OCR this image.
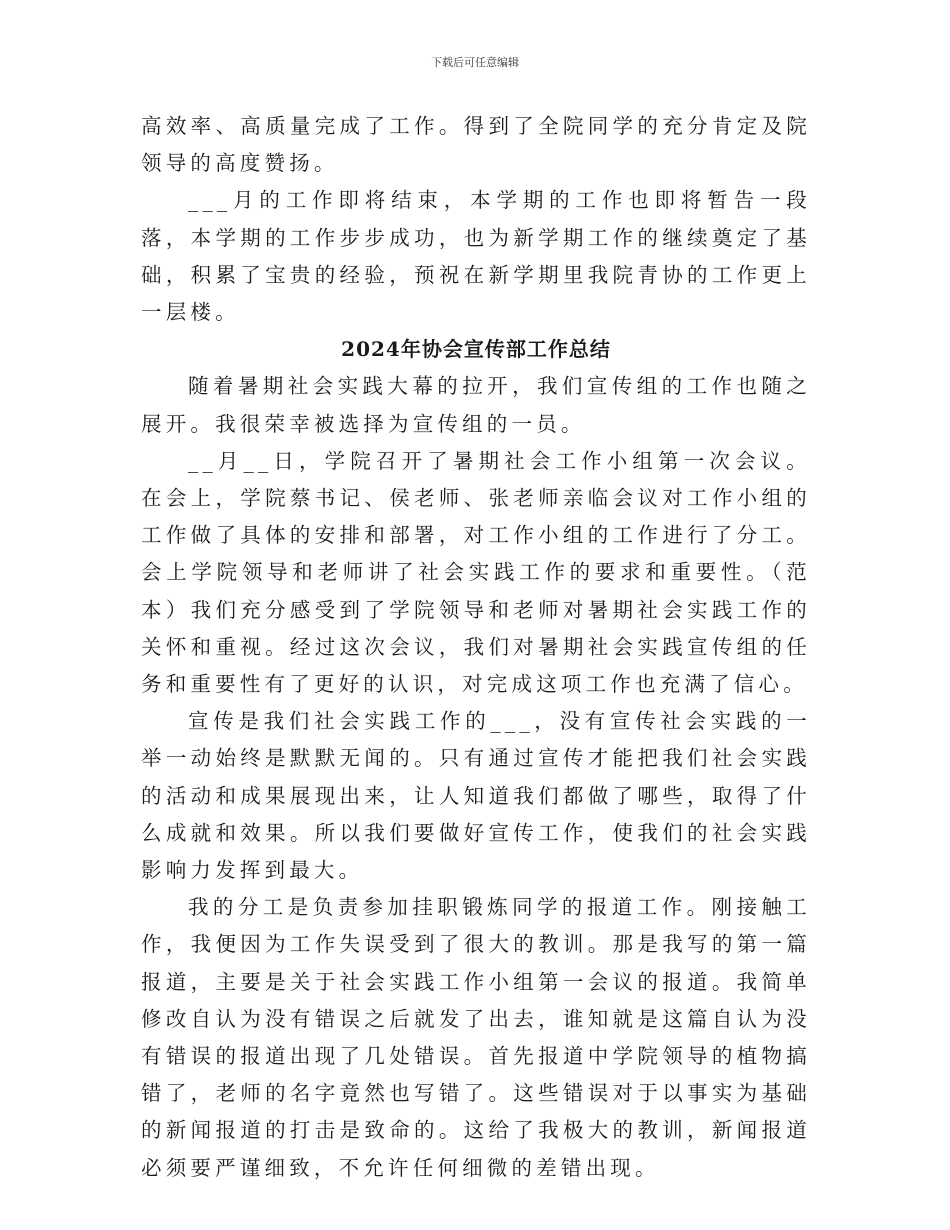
下载后可任意编辑

高效率、高质量完成了工作。得到了全院同学的充分肯定及院领导的高度赞扬。

___月的工作即将结束，本学期的工作也即将暂告一段落，本学期的工作步步成功，也为新学期工作的继续奠定了基础，积累了宝贵的经验，预祝在新学期里我院青协的工作更上一层楼。

2024年协会宣传部工作总结

随着暑期社会实践大幕的拉开，我们宣传组的工作也随之展开。我很荣幸被选择为宣传组的一员。

__月__日，学院召开了暑期社会工作小组第一次会议。在会上，学院蔡书记、侯老师、张老师亲临会议对工作小组的工作做了具体的安排和部署，对工作小组的工作进行了分工。会上学院领导和老师讲了社会实践工作的要求和重要性。（范本）我们充分感受到了学院领导和老师对暑期社会实践工作的关怀和重视。经过这次会议，我们对暑期社会实践宣传组的任务和重要性有了更好的认识，对完成这项工作也充满了信心。

宣传是我们社会实践工作的___，没有宣传社会实践的一举一动始终是默默无闻的。只有通过宣传才能把我们社会实践的活动和成果展现出来，让人知道我们都做了哪些，取得了什么成就和效果。所以我们要做好宣传工作，使我们的社会实践影响力发挥到最大。

我的分工是负责参加挂职锻炼同学的报道工作。刚接触工作，我便因为工作失误受到了很大的教训。那是我写的第一篇报道，主要是关于社会实践工作小组第一会议的报道。我简单修改自认为没有错误之后就发了出去，谁知就是这篇自认为没有错误的报道出现了几处错误。首先报道中学院领导的植物搞错了，老师的名字竟然也写错了。这些错误对于以事实为基础的新闻报道的打击是致命的。这给了我极大的教训，新闻报道必须要严谨细致，不允许任何细微的差错出现。
